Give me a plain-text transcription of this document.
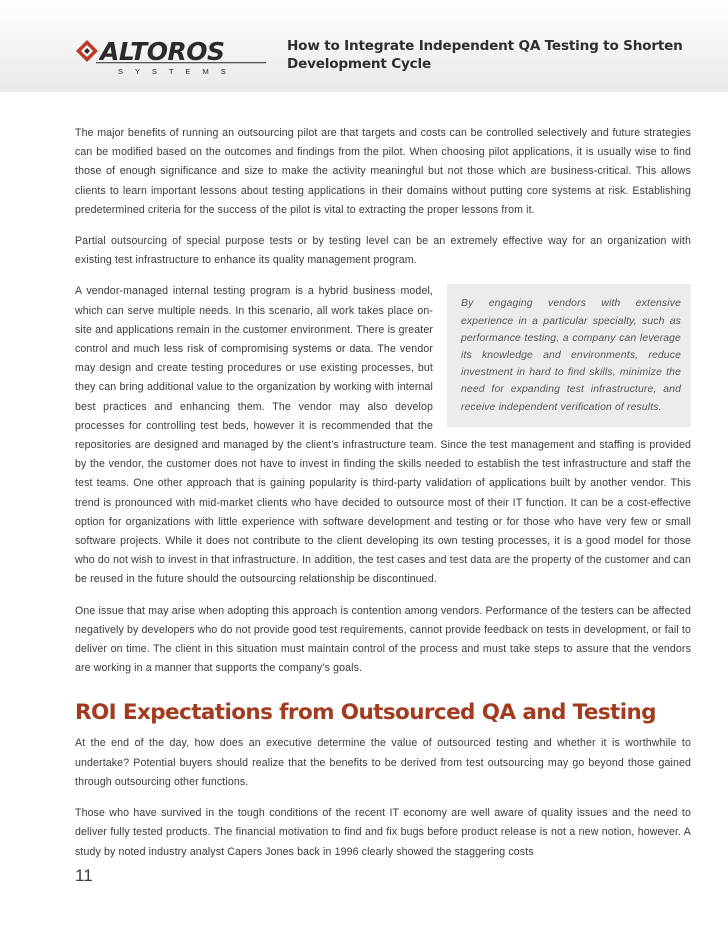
ALTOROS
S Y S T E M S
How to Integrate Independent QA Testing to Shorten
Development Cycle

The major benefits of running an outsourcing pilot are that targets and costs can be controlled selectively and future strategies can be modified based on the outcomes and findings from the pilot. When choosing pilot applications, it is usually wise to find those of enough significance and size to make the activity meaningful but not those which are business-critical. This allows clients to learn important lessons about testing applications in their domains without putting core systems at risk. Establishing predetermined criteria for the success of the pilot is vital to extracting the proper lessons from it.

Partial outsourcing of special purpose tests or by testing level can be an extremely effective way for an organization with existing test infrastructure to enhance its quality management program.

By engaging vendors with extensive experience in a particular specialty, such as performance testing, a company can leverage its knowledge and environments, reduce investment in hard to find skills, minimize the need for expanding test infrastructure, and receive independent verification of results.

A vendor-managed internal testing program is a hybrid business model, which can serve multiple needs. In this scenario, all work takes place on-site and applications remain in the customer environment. There is greater control and much less risk of compromising systems or data. The vendor may design and create testing procedures or use existing processes, but they can bring additional value to the organization by working with internal best practices and enhancing them. The vendor may also develop processes for controlling test beds, however it is recommended that the repositories are designed and managed by the client’s infrastructure team. Since the test management and staffing is provided by the vendor, the customer does not have to invest in finding the skills needed to establish the test infrastructure and staff the test teams. One other approach that is gaining popularity is third-party validation of applications built by another vendor. This trend is pronounced with mid-market clients who have decided to outsource most of their IT function. It can be a cost-effective option for organizations with little experience with software development and testing or for those who have very few or small software projects. While it does not contribute to the client developing its own testing processes, it is a good model for those who do not wish to invest in that infrastructure. In addition, the test cases and test data are the property of the customer and can be reused in the future should the outsourcing relationship be discontinued.

One issue that may arise when adopting this approach is contention among vendors. Performance of the testers can be affected negatively by developers who do not provide good test requirements, cannot provide feedback on tests in development, or fail to deliver on time. The client in this situation must maintain control of the process and must take steps to assure that the vendors are working in a manner that supports the company’s goals.

ROI Expectations from Outsourced QA and Testing

At the end of the day, how does an executive determine the value of outsourced testing and whether it is worthwhile to undertake? Potential buyers should realize that the benefits to be derived from test outsourcing may go beyond those gained through outsourcing other functions.

Those who have survived in the tough conditions of the recent IT economy are well aware of quality issues and the need to deliver fully tested products. The financial motivation to find and fix bugs before product release is not a new notion, however. A study by noted industry analyst Capers Jones back in 1996 clearly showed the staggering costs

11
